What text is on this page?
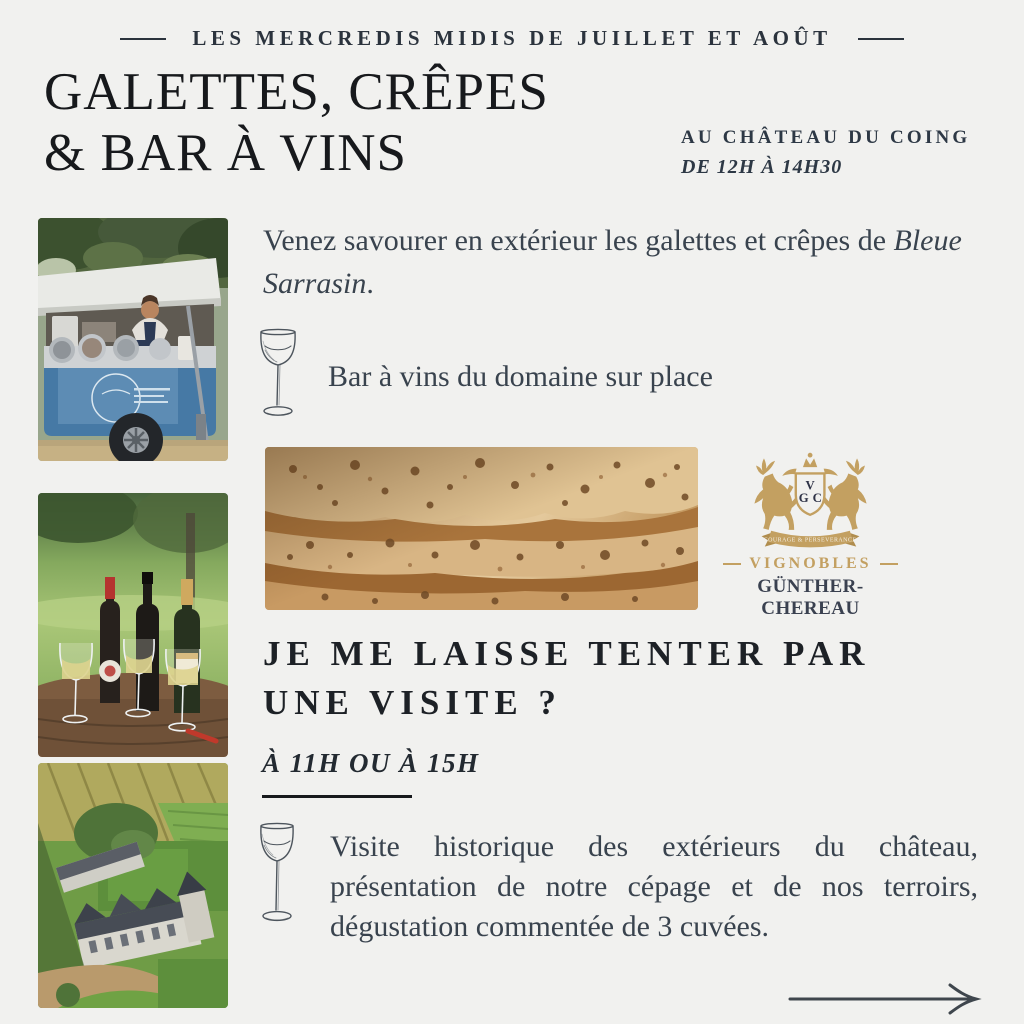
LES MERCREDIS MIDIS DE JUILLET ET AOÛT
GALETTES, CRÊPES
& BAR À VINS	AU CHÂTEAU DU COING
DE 12H À 14H30

Venez savourer en extérieur les galettes et crêpes de Bleue Sarrasin.

Bar à vins du domaine sur place
V
G C
COURAGE & PERSEVERANCE
VIGNOBLES
GÜNTHER-CHEREAU
JE ME LAISSE TENTER PAR UNE VISITE ?
À 11H OU À 15H
Visite historique des extérieurs du château, présentation de notre cépage et de nos terroirs, dégustation commentée de 3 cuvées.
